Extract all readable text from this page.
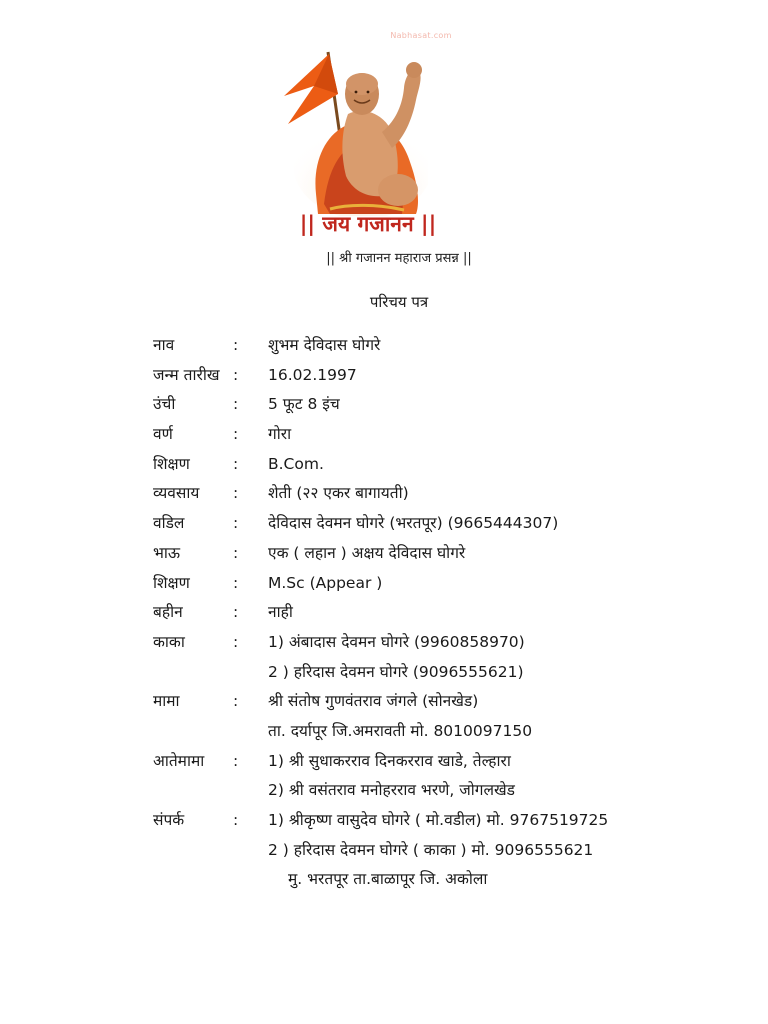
Nabhasat.com
|| जय गजानन ||
|| श्री गजानन महाराज प्रसन्न ||
परिचय पत्र
नाव	:	शुभम देविदास घोगरे
जन्म तारीख :	16.02.1997
उंची	:	5 फूट 8 इंच
वर्ण	:	गोरा
शिक्षण	:	B.Com.
व्यवसाय	:	शेती (२२ एकर बागायती)
वडिल	:	देविदास देवमन घोगरे (भरतपूर) (9665444307)
भाऊ	:	एक ( लहान ) अक्षय देविदास घोगरे
शिक्षण	:	M.Sc (Appear )
बहीन	:	नाही
काका	:	1) अंबादास देवमन घोगरे (9960858970)
2 ) हरिदास देवमन घोगरे (9096555621)
मामा	:	श्री संतोष गुणवंतराव जंगले (सोनखेड)
ता. दर्यापूर जि.अमरावती मो. 8010097150
आतेमामा	:	1) श्री सुधाकरराव दिनकरराव खाडे, तेल्हारा
2) श्री वसंतराव मनोहरराव भरणे, जोगलखेड
संपर्क	:	1) श्रीकृष्ण वासुदेव घोगरे ( मो.वडील) मो. 9767519725
2 ) हरिदास देवमन घोगरे ( काका ) मो. 9096555621
मु. भरतपूर ता.बाळापूर जि. अकोला
